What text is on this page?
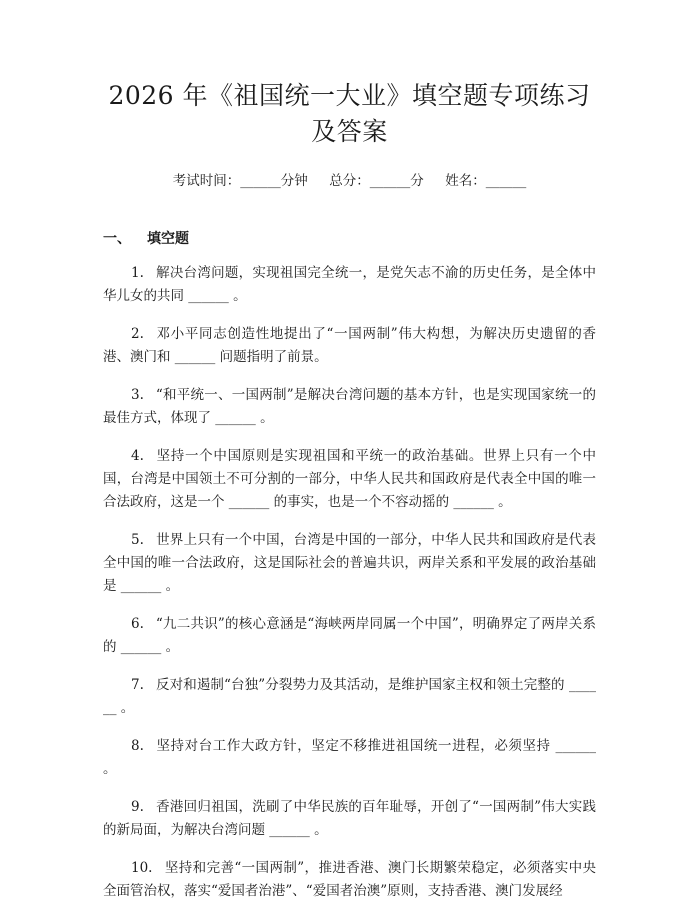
2026 年《祖国统一大业》填空题专项练习及答案
考试时间：______分钟     总分：______分     姓名：______
一、 填空题

1. 解决台湾问题，实现祖国完全统一，是党矢志不渝的历史任务，是全体中华儿女的共同 ______ 。

2. 邓小平同志创造性地提出了“一国两制”伟大构想，为解决历史遗留的香港、澳门和 ______ 问题指明了前景。

3. “和平统一、一国两制”是解决台湾问题的基本方针，也是实现国家统一的最佳方式，体现了 ______ 。

4. 坚持一个中国原则是实现祖国和平统一的政治基础。世界上只有一个中国，台湾是中国领土不可分割的一部分，中华人民共和国政府是代表全中国的唯一合法政府，这是一个 ______ 的事实，也是一个不容动摇的 ______ 。

5. 世界上只有一个中国，台湾是中国的一部分，中华人民共和国政府是代表全中国的唯一合法政府，这是国际社会的普遍共识，两岸关系和平发展的政治基础是 ______ 。

6. “九二共识”的核心意涵是“海峡两岸同属一个中国”，明确界定了两岸关系的 ______ 。

7. 反对和遏制“台独”分裂势力及其活动，是维护国家主权和领土完整的 ______ 。

8. 坚持对台工作大政方针，坚定不移推进祖国统一进程，必须坚持 ______ 。

9. 香港回归祖国，洗刷了中华民族的百年耻辱，开创了“一国两制”伟大实践的新局面，为解决台湾问题 ______ 。

10. 坚持和完善“一国两制”，推进香港、澳门长期繁荣稳定，必须落实中央全面管治权，落实“爱国者治港”、“爱国者治澳”原则，支持香港、澳门发展经
